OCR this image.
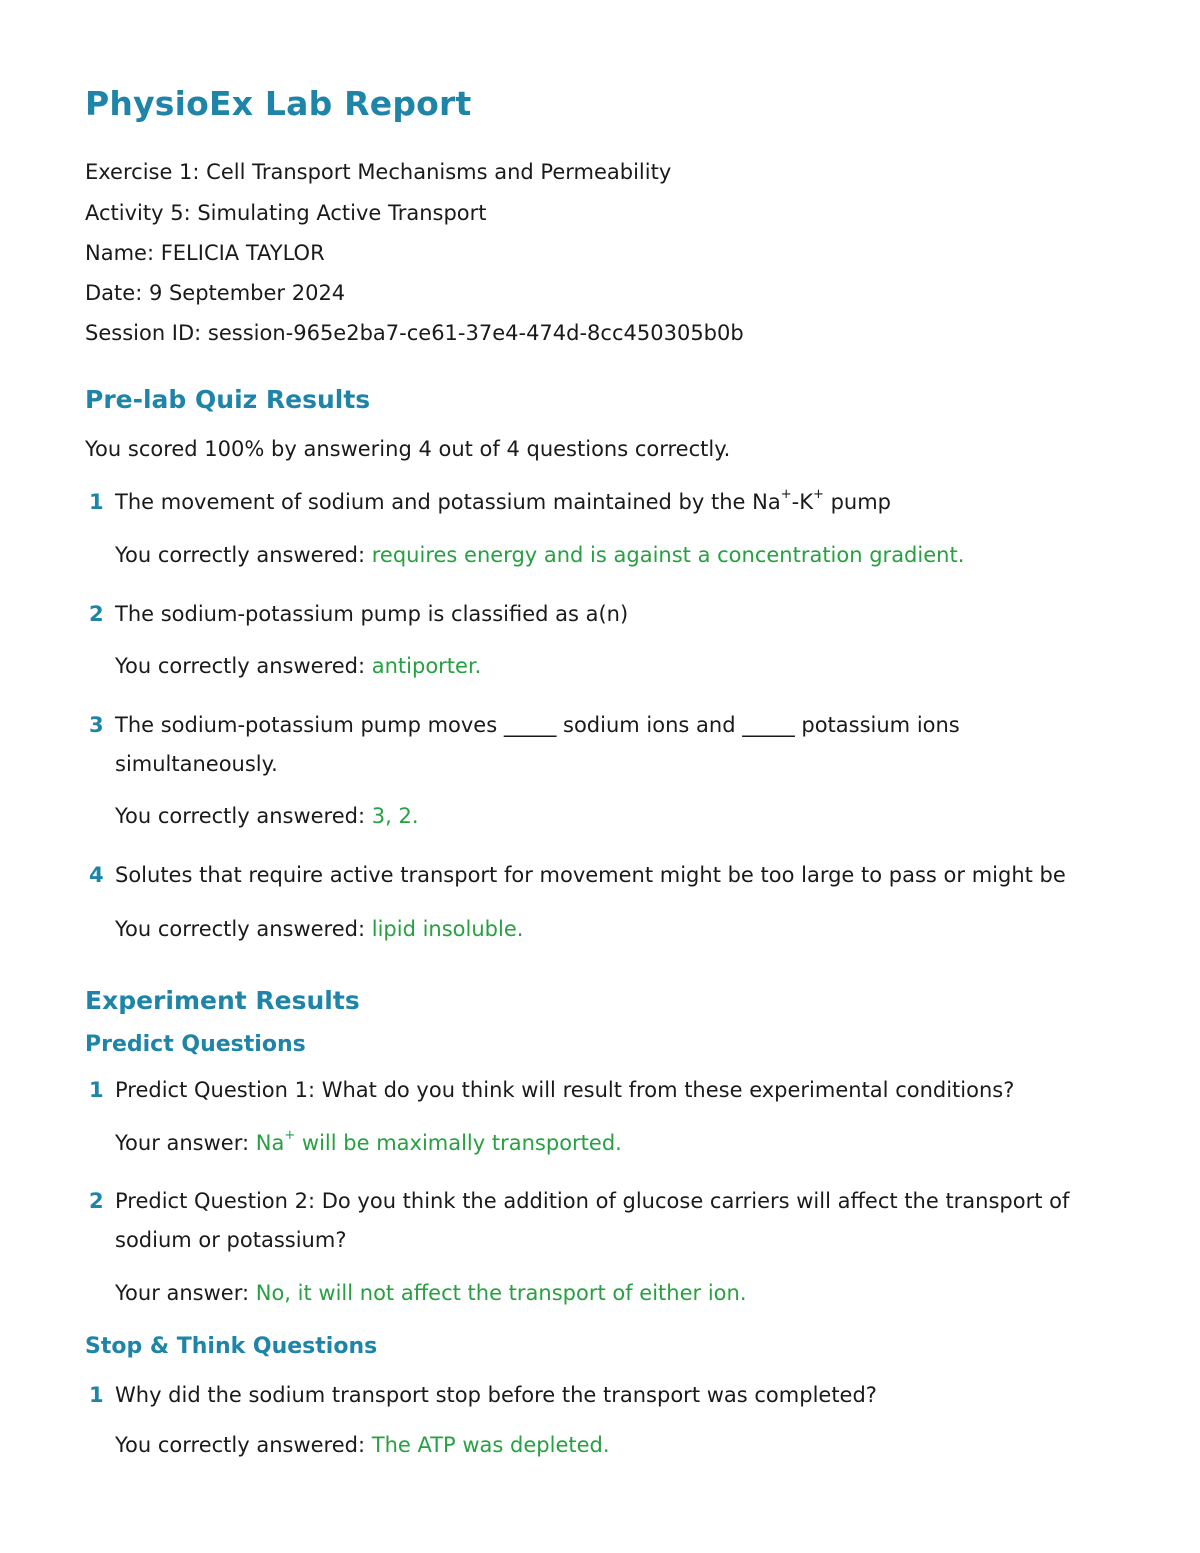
PhysioEx Lab Report
Exercise 1: Cell Transport Mechanisms and Permeability
Activity 5: Simulating Active Transport
Name: FELICIA TAYLOR
Date: 9 September 2024
Session ID: session-965e2ba7-ce61-37e4-474d-8cc450305b0b
Pre-lab Quiz Results
You scored 100% by answering 4 out of 4 questions correctly.
1 The movement of sodium and potassium maintained by the Na+-K+ pump
You correctly answered: requires energy and is against a concentration gradient.
2 The sodium-potassium pump is classified as a(n)
You correctly answered: antiporter.
3 The sodium-potassium pump moves _____ sodium ions and _____ potassium ions
simultaneously.
You correctly answered: 3, 2.
4 Solutes that require active transport for movement might be too large to pass or might be
You correctly answered: lipid insoluble.
Experiment Results
Predict Questions
1 Predict Question 1: What do you think will result from these experimental conditions?
Your answer: Na+ will be maximally transported.
2 Predict Question 2: Do you think the addition of glucose carriers will affect the transport of
sodium or potassium?
Your answer: No, it will not affect the transport of either ion.
Stop & Think Questions
1 Why did the sodium transport stop before the transport was completed?
You correctly answered: The ATP was depleted.
